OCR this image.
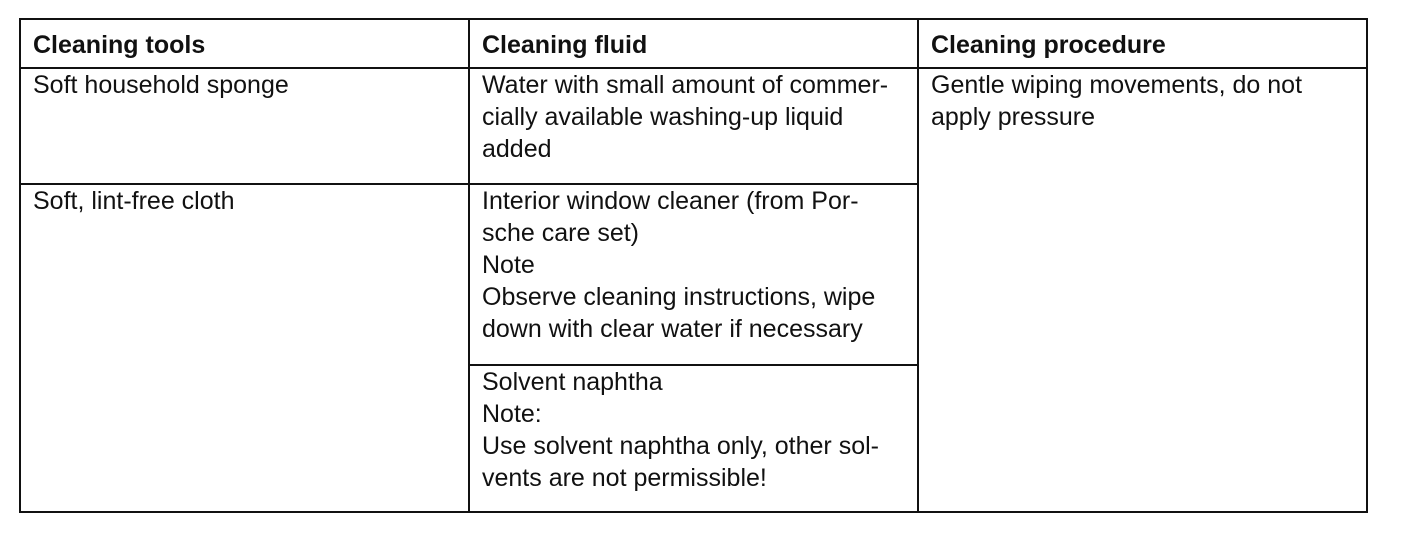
Cleaning tools	Cleaning fluid	Cleaning procedure
Soft household sponge	Water with small amount of commer-
cially available washing-up liquid
added	Gentle wiping movements, do not
apply pressure

Soft, lint-free cloth	Interior window cleaner (from Por-
sche care set)
Note
Observe cleaning instructions, wipe
down with clear water if necessary	

	Solvent naphtha
Note:
Use solvent naphtha only, other sol-
vents are not permissible!	
